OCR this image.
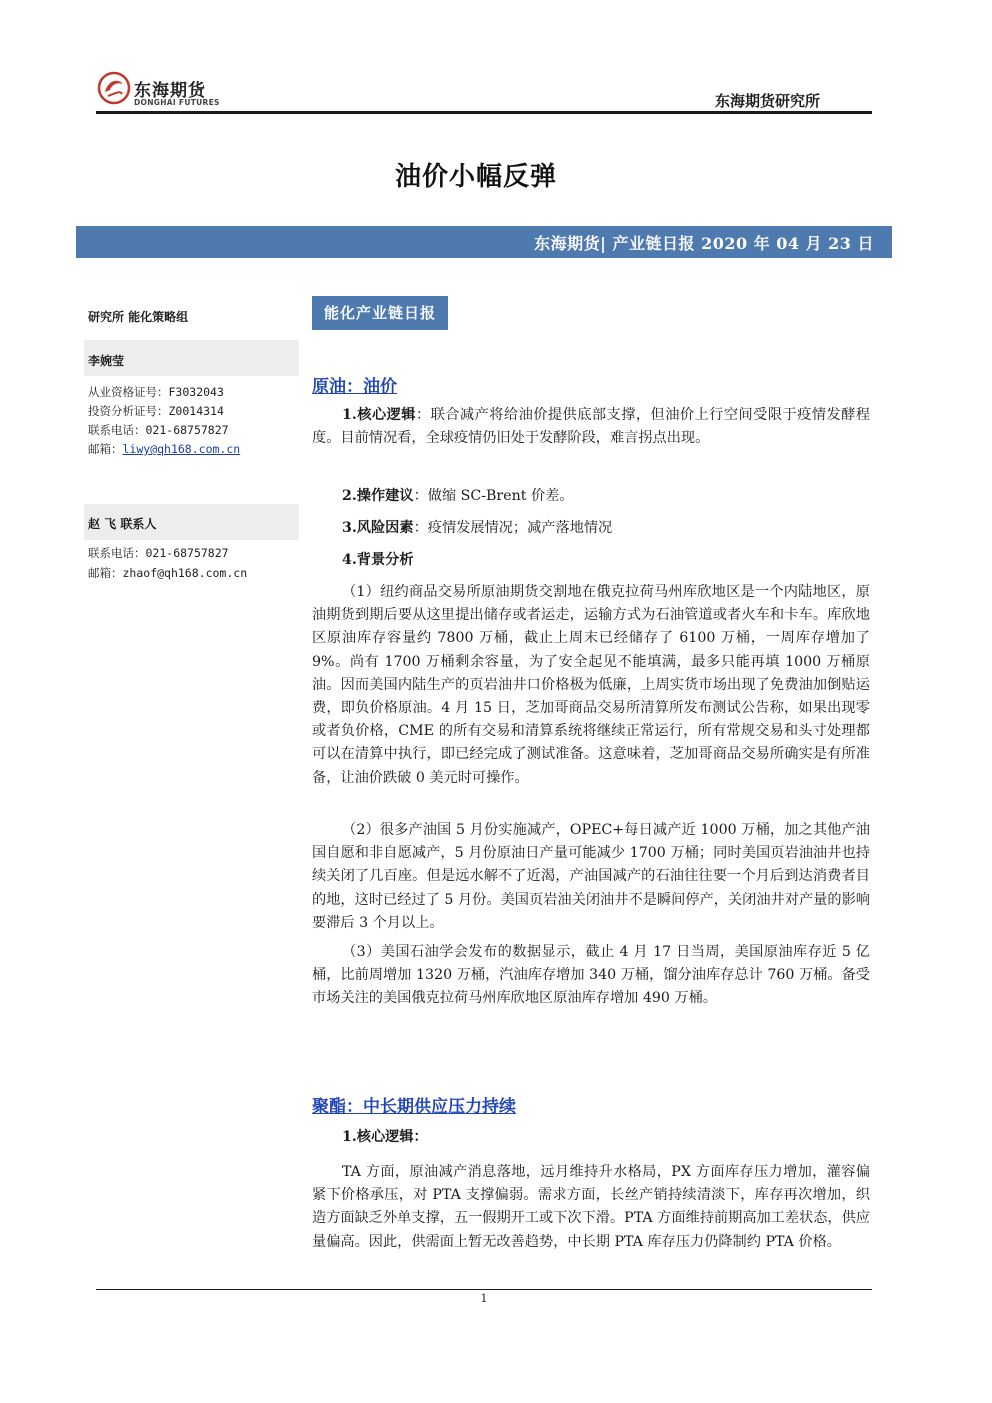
东海期货
DONGHAI FUTURES	东海期货研究所
油价小幅反弹
东海期货| 产业链日报 2020 年 04 月 23 日
研究所 能化策略组
李婉莹
从业资格证号：F3032043
投资分析证号：Z0014314
联系电话：021-68757827
邮箱：liwy@qh168.com.cn
赵 飞 联系人
联系电话：021-68757827
邮箱：zhaof@qh168.com.cn
能化产业链日报
原油：油价
1.核心逻辑：联合减产将给油价提供底部支撑，但油价上行空间受限于疫情发酵程度。目前情况看，全球疫情仍旧处于发酵阶段，难言拐点出现。
2.操作建议：做缩 SC-Brent 价差。
3.风险因素：疫情发展情况；减产落地情况
4.背景分析
（1）纽约商品交易所原油期货交割地在俄克拉荷马州库欣地区是一个内陆地区，原油期货到期后要从这里提出储存或者运走，运输方式为石油管道或者火车和卡车。库欣地区原油库存容量约 7800 万桶，截止上周末已经储存了 6100 万桶，一周库存增加了 9%。尚有 1700 万桶剩余容量，为了安全起见不能填满，最多只能再填 1000 万桶原油。因而美国内陆生产的页岩油井口价格极为低廉，上周实货市场出现了免费油加倒贴运费，即负价格原油。4 月 15 日，芝加哥商品交易所清算所发布测试公告称，如果出现零或者负价格，CME 的所有交易和清算系统将继续正常运行，所有常规交易和头寸处理都可以在清算中执行，即已经完成了测试准备。这意味着，芝加哥商品交易所确实是有所准备，让油价跌破 0 美元时可操作。
（2）很多产油国 5 月份实施减产，OPEC+每日减产近 1000 万桶，加之其他产油国自愿和非自愿减产，5 月份原油日产量可能减少 1700 万桶；同时美国页岩油油井也持续关闭了几百座。但是远水解不了近渴，产油国减产的石油往往要一个月后到达消费者目的地，这时已经过了 5 月份。美国页岩油关闭油井不是瞬间停产，关闭油井对产量的影响要滞后 3 个月以上。
（3）美国石油学会发布的数据显示，截止 4 月 17 日当周，美国原油库存近 5 亿桶，比前周增加 1320 万桶，汽油库存增加 340 万桶，馏分油库存总计 760 万桶。备受市场关注的美国俄克拉荷马州库欣地区原油库存增加 490 万桶。
聚酯：中长期供应压力持续
1.核心逻辑：
TA 方面，原油减产消息落地，远月维持升水格局，PX 方面库存压力增加，灌容偏紧下价格承压，对 PTA 支撑偏弱。需求方面，长丝产销持续清淡下，库存再次增加，织造方面缺乏外单支撑，五一假期开工或下次下滑。PTA 方面维持前期高加工差状态，供应量偏高。因此，供需面上暂无改善趋势，中长期 PTA 库存压力仍降制约 PTA 价格。
1
